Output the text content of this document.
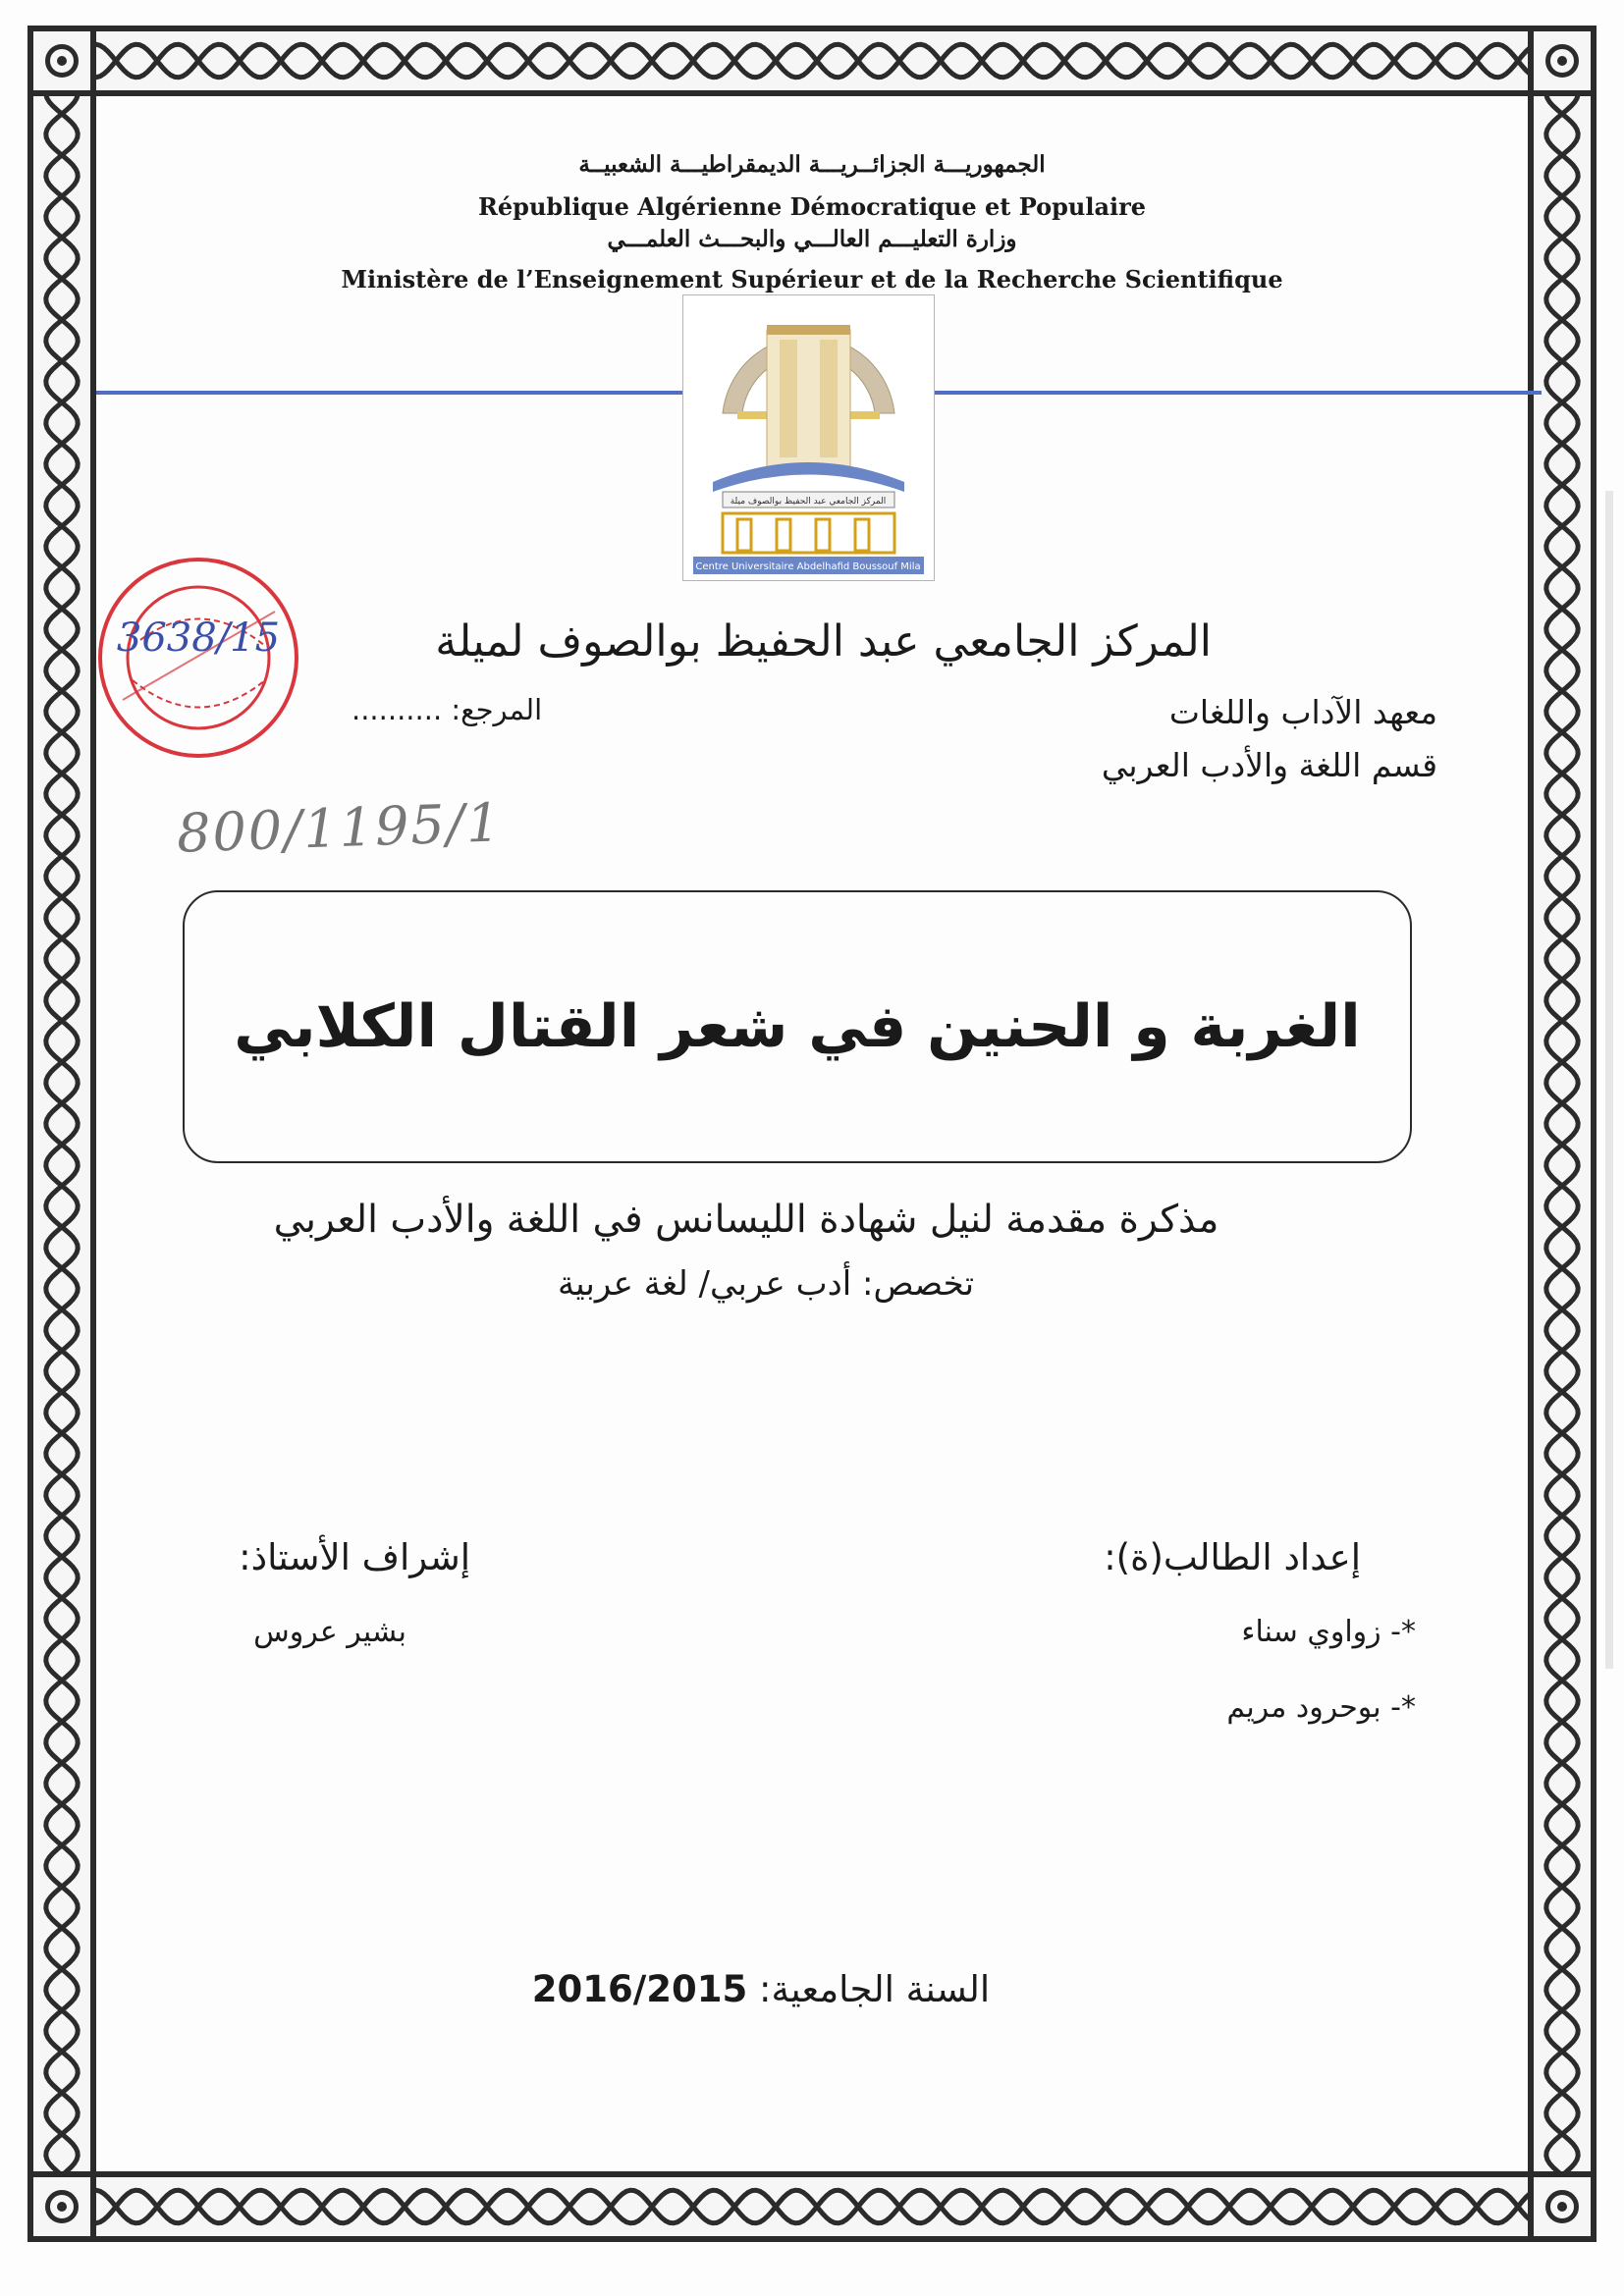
الجمهوريـــة الجزائــريـــة الديمقراطيـــة الشعبيــة
République Algérienne Démocratique et Populaire
وزارة التعليـــم العالـــي والبحـــث العلمـــي
Ministère de l’Enseignement Supérieur et de la Recherche Scientifique
المركز الجامعي عبد الحفيظ بوالصوف ميلة
Centre Universitaire Abdelhafid Boussouf Mila
3638/15	المركز الجامعي عبد الحفيظ بوالصوف لميلة
المرجع: ..........	معهد الآداب واللغات
قسم اللغة والأدب العربي
800/1195/1
الغربة و الحنين في شعر القتال الكلابي
مذكرة مقدمة لنيل شهادة الليسانس في اللغة والأدب العربي
تخصص: أدب عربي/ لغة عربية
إعداد الطالب(ة):
*- زواوي سناء
*- بوحرود مريم
إشراف الأستاذ:
بشير عروس
السنة الجامعية: 2016/2015
